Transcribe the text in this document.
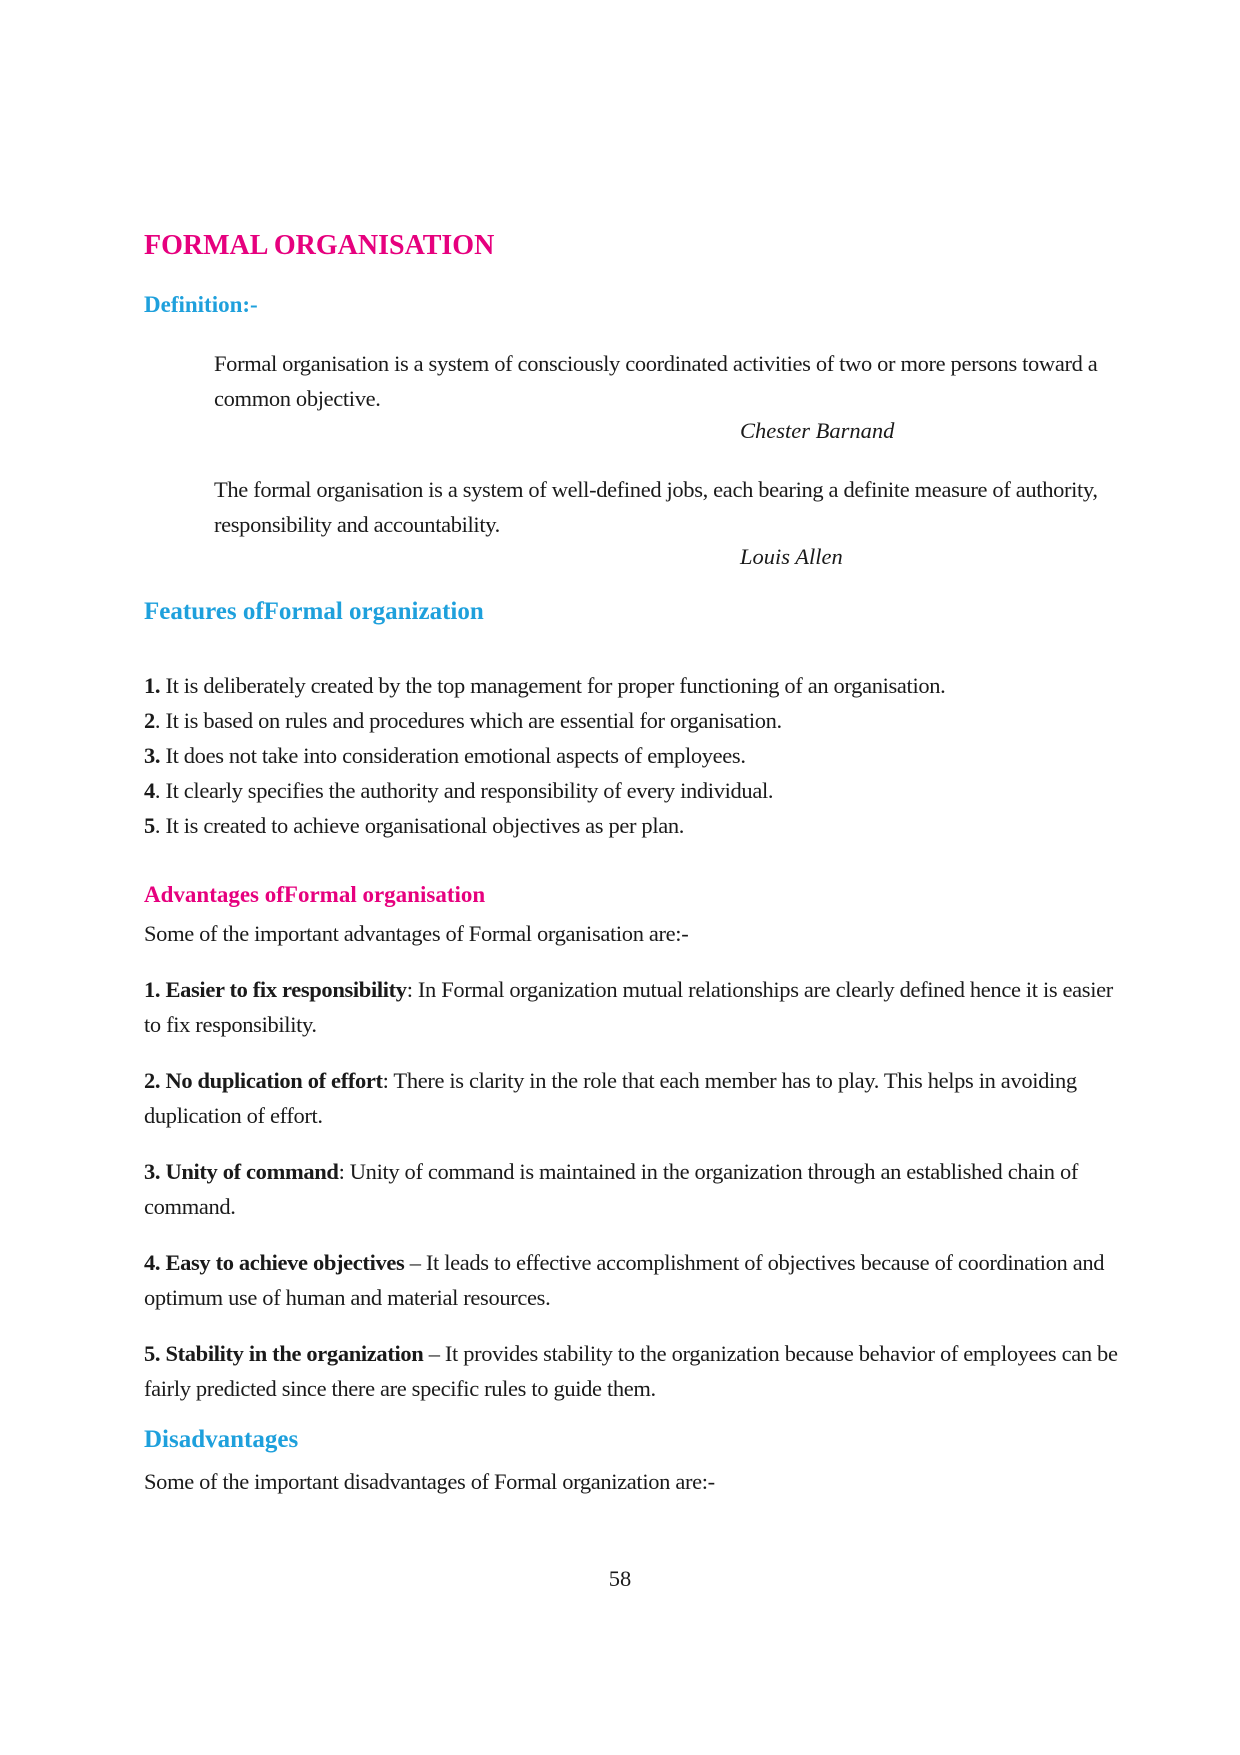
FORMAL ORGANISATION
Definition:-

Formal organisation is a system of consciously coordinated activities of two or more persons toward a common objective.

Chester Barnand

The formal organisation is a system of well-defined jobs, each bearing a definite measure of authority, responsibility and accountability.

Louis Allen

Features ofFormal organization
1. It is deliberately created by the top management for proper functioning of an organisation.
2. It is based on rules and procedures which are essential for organisation.
3. It does not take into consideration emotional aspects of employees.
4. It clearly specifies the authority and responsibility of every individual.
5. It is created to achieve organisational objectives as per plan.
Advantages ofFormal organisation

Some of the important advantages of Formal organisation are:-

1. Easier to fix responsibility: In Formal organization mutual relationships are clearly defined hence it is easier to fix responsibility.
2. No duplication of effort: There is clarity in the role that each member has to play. This helps in avoiding duplication of effort.
3. Unity of command: Unity of command is maintained in the organization through an established chain of command.
4. Easy to achieve objectives – It leads to effective accomplishment of objectives because of coordination and optimum use of human and material resources.
5. Stability in the organization – It provides stability to the organization because behavior of employees can be fairly predicted since there are specific rules to guide them.
Disadvantages

Some of the important disadvantages of Formal organization are:-

58
